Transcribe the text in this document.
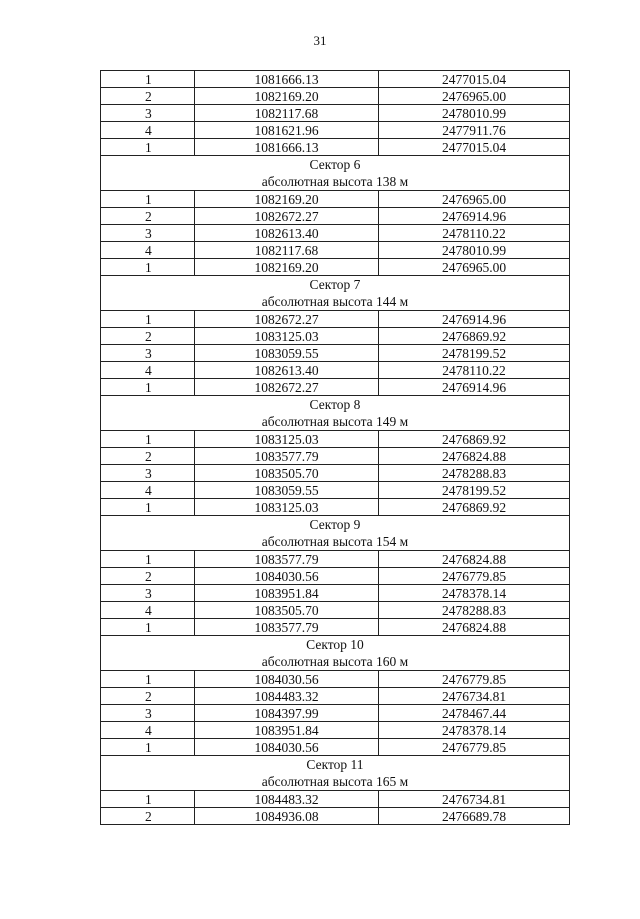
31
1	1081666.13	2477015.04
2	1082169.20	2476965.00
3	1082117.68	2478010.99
4	1081621.96	2477911.76
1	1081666.13	2477015.04

Сектор 6
абсолютная высота 138 м		

1	1082169.20	2476965.00
2	1082672.27	2476914.96
3	1082613.40	2478110.22
4	1082117.68	2478010.99
1	1082169.20	2476965.00

Сектор 7
абсолютная высота 144 м		

1	1082672.27	2476914.96
2	1083125.03	2476869.92
3	1083059.55	2478199.52
4	1082613.40	2478110.22
1	1082672.27	2476914.96

Сектор 8
абсолютная высота 149 м		

1	1083125.03	2476869.92
2	1083577.79	2476824.88
3	1083505.70	2478288.83
4	1083059.55	2478199.52
1	1083125.03	2476869.92

Сектор 9
абсолютная высота 154 м		

1	1083577.79	2476824.88
2	1084030.56	2476779.85
3	1083951.84	2478378.14
4	1083505.70	2478288.83
1	1083577.79	2476824.88

Сектор 10
абсолютная высота 160 м		

1	1084030.56	2476779.85
2	1084483.32	2476734.81
3	1084397.99	2478467.44
4	1083951.84	2478378.14
1	1084030.56	2476779.85

Сектор 11
абсолютная высота 165 м		

1	1084483.32	2476734.81
2	1084936.08	2476689.78
